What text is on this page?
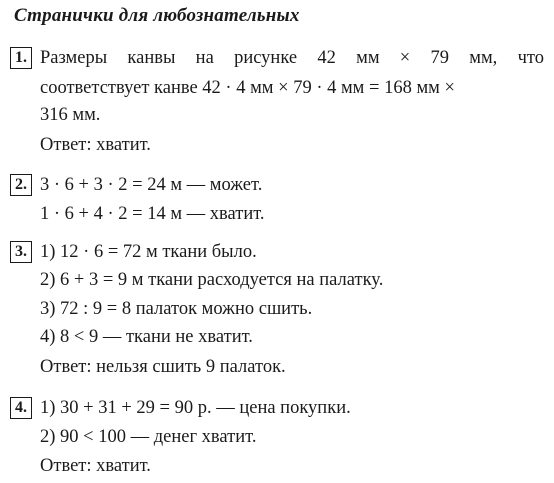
Странички для любознательных
1. Размеры канвы на рисунке 42 мм × 79 мм, что
соответствует канве 42 · 4 мм × 79 · 4 мм = 168 мм ×
316 мм.
Ответ: хватит.
2. 3 · 6 + 3 · 2 = 24 м — может.
1 · 6 + 4 · 2 = 14 м — хватит.
3. 1) 12 · 6 = 72 м ткани было.
2) 6 + 3 = 9 м ткани расходуется на палатку.
3) 72 : 9 = 8 палаток можно сшить.
4) 8 < 9 — ткани не хватит.
Ответ: нельзя сшить 9 палаток.
4. 1) 30 + 31 + 29 = 90 р. — цена покупки.
2) 90 < 100 — денег хватит.
Ответ: хватит.
